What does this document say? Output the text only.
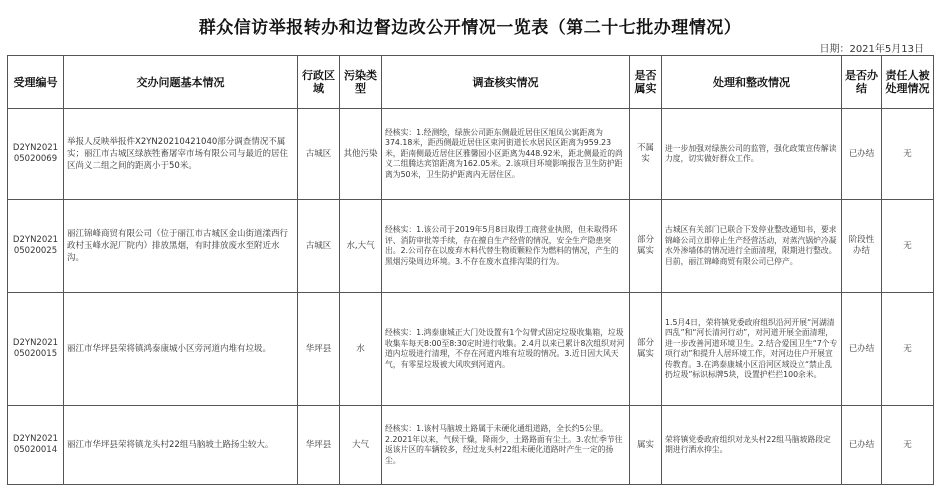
群众信访举报转办和边督边改公开情况一览表（第二十七批办理情况）
日期：2021年5月13日
受理编号	交办问题基本情况	行政区域	污染类型	调查核实情况	是否属实	处理和整改情况	是否办结	责任人被处理情况
D2YN202105020069	举报人反映举报件X2YN20210421040部分调查情况不属实；丽江市古城区绿族牲畜屠宰市场有限公司与最近的居住区尚义二组之间的距离小于50米。	古城区	其他污染	经核实：1.经测绘，绿族公司距东侧最近居住区旭凤公寓距离为374.18米，距西侧最近居住区束河街道长水居民区距离为959.23米，距南侧最近居住区雅馨园小区距离为448.92米，距北侧最近的尚义二组腾达宾馆距离为162.05米。2.该项目环境影响报告卫生防护距离为50米，卫生防护距离内无居住区。	不属实	进一步加强对绿族公司的监管，强化政策宣传解读力度，切实做好群众工作。	已办结	无
D2YN202105020025	丽江锦峰商贸有限公司（位于丽江市古城区金山街道漾西行政村玉峰水泥厂院内）排放黑烟，有时排放废水至附近水沟。	古城区	水,大气	经核实：1.该公司于2019年5月8日取得工商营业执照，但未取得环评、消防审批等手续，存在擅自生产经营的情况，安全生产隐患突出。2.公司存在以废弃木料代替生物质颗粒作为燃料的情况，产生的黑烟污染周边环境。3.不存在废水直排沟渠的行为。	部分属实	古城区有关部门已联合下发停业整改通知书，要求锦峰公司立即停止生产经营活动，对蒸汽锅炉冷凝水外渗墙体的情况进行全面清理，限期进行整改。目前，丽江锦峰商贸有限公司已停产。	阶段性办结	无
D2YN202105020015	丽江市华坪县荣将镇鸿泰康城小区旁河道内堆有垃圾。	华坪县	水	经核实：1.鸿泰康城正大门处设置有1个勾臂式固定垃圾收集箱，垃圾收集车每天8:00至8:30定时进行收集。2.4月以来已累计8次组织对河道内垃圾进行清理，不存在河道内堆有垃圾的情况。3.近日因大风天气，有零星垃圾被大风吹到河道内。	部分属实	1.5月4日，荣将镇党委政府组织沿河开展“河湖清四乱”和“河长清河行动”，对河道开展全面清理，进一步改善河道环境卫生。2.结合爱国卫生“7个专项行动”和提升人居环境工作，对河边住户开展宣传教育。3.在鸿泰康城小区沿河区域设立“禁止乱扔垃圾”标识标牌5块，设置护栏拦100余米。	已办结	无
D2YN202105020014	丽江市华坪县荣将镇龙头村22组马脑坡土路扬尘较大。	华坪县	大气	经核实：1.该村马脑坡土路属于未硬化通组道路，全长约5公里。2.2021年以来，气候干燥，降雨少，土路路面有尘土。3.农忙季节往返该片区的车辆较多，经过龙头村22组未硬化道路时产生一定的扬尘。	属实	荣将镇党委政府组织对龙头村22组马脑坡路段定期进行洒水抑尘。	已办结	无
